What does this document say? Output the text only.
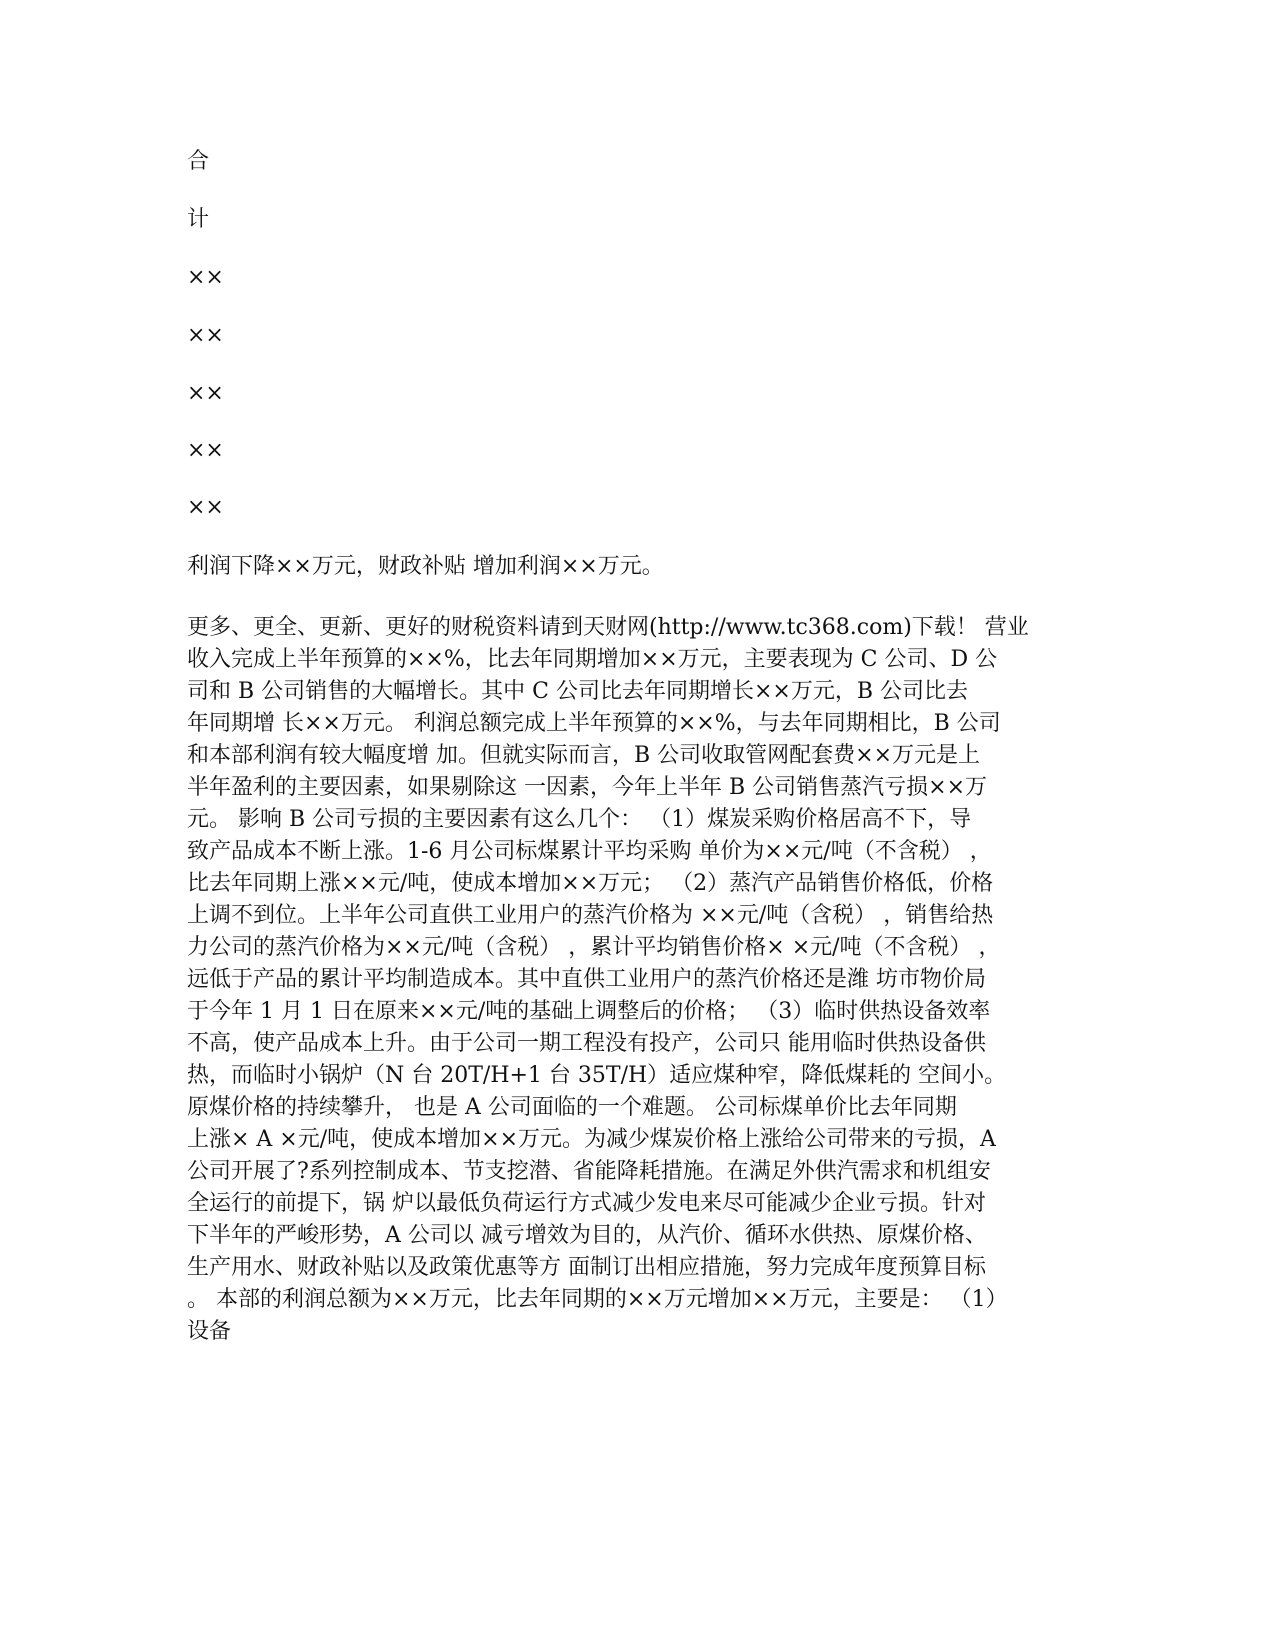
合
计
××
××
××
××
××
利润下降××万元，财政补贴 增加利润××万元。
更多、更全、更新、更好的财税资料请到天财网(http://www.tc368.com)下载！ 营业
收入完成上半年预算的××%，比去年同期增加××万元，主要表现为 C 公司、D 公
司和 B 公司销售的大幅增长。其中 C 公司比去年同期增长××万元，B 公司比去
年同期增 长××万元。 利润总额完成上半年预算的××%，与去年同期相比，B 公司
和本部利润有较大幅度增 加。但就实际而言，B 公司收取管网配套费××万元是上
半年盈利的主要因素，如果剔除这 一因素，今年上半年 B 公司销售蒸汽亏损××万
元。 影响 B 公司亏损的主要因素有这么几个： （1）煤炭采购价格居高不下，导
致产品成本不断上涨。1-6 月公司标煤累计平均采购 单价为××元/吨（不含税） ，
比去年同期上涨××元/吨，使成本增加××万元； （2）蒸汽产品销售价格低，价格
上调不到位。上半年公司直供工业用户的蒸汽价格为 ××元/吨（含税） ，销售给热
力公司的蒸汽价格为××元/吨（含税） ，累计平均销售价格× ×元/吨（不含税） ，
远低于产品的累计平均制造成本。其中直供工业用户的蒸汽价格还是潍 坊市物价局
于今年 1 月 1 日在原来××元/吨的基础上调整后的价格； （3）临时供热设备效率
不高，使产品成本上升。由于公司一期工程没有投产，公司只 能用临时供热设备供
热，而临时小锅炉（N 台 20T/H+1 台 35T/H）适应煤种窄，降低煤耗的 空间小。
原煤价格的持续攀升， 也是 A 公司面临的一个难题。 公司标煤单价比去年同期
上涨× A ×元/吨，使成本增加××万元。为减少煤炭价格上涨给公司带来的亏损，A
公司开展了?系列控制成本、节支挖潜、省能降耗措施。在满足外供汽需求和机组安
全运行的前提下，锅 炉以最低负荷运行方式减少发电来尽可能减少企业亏损。针对
下半年的严峻形势，A 公司以 减亏增效为目的，从汽价、循环水供热、原煤价格、
生产用水、财政补贴以及政策优惠等方 面制订出相应措施，努力完成年度预算目标
。 本部的利润总额为××万元，比去年同期的××万元增加××万元，主要是： （1）
设备
